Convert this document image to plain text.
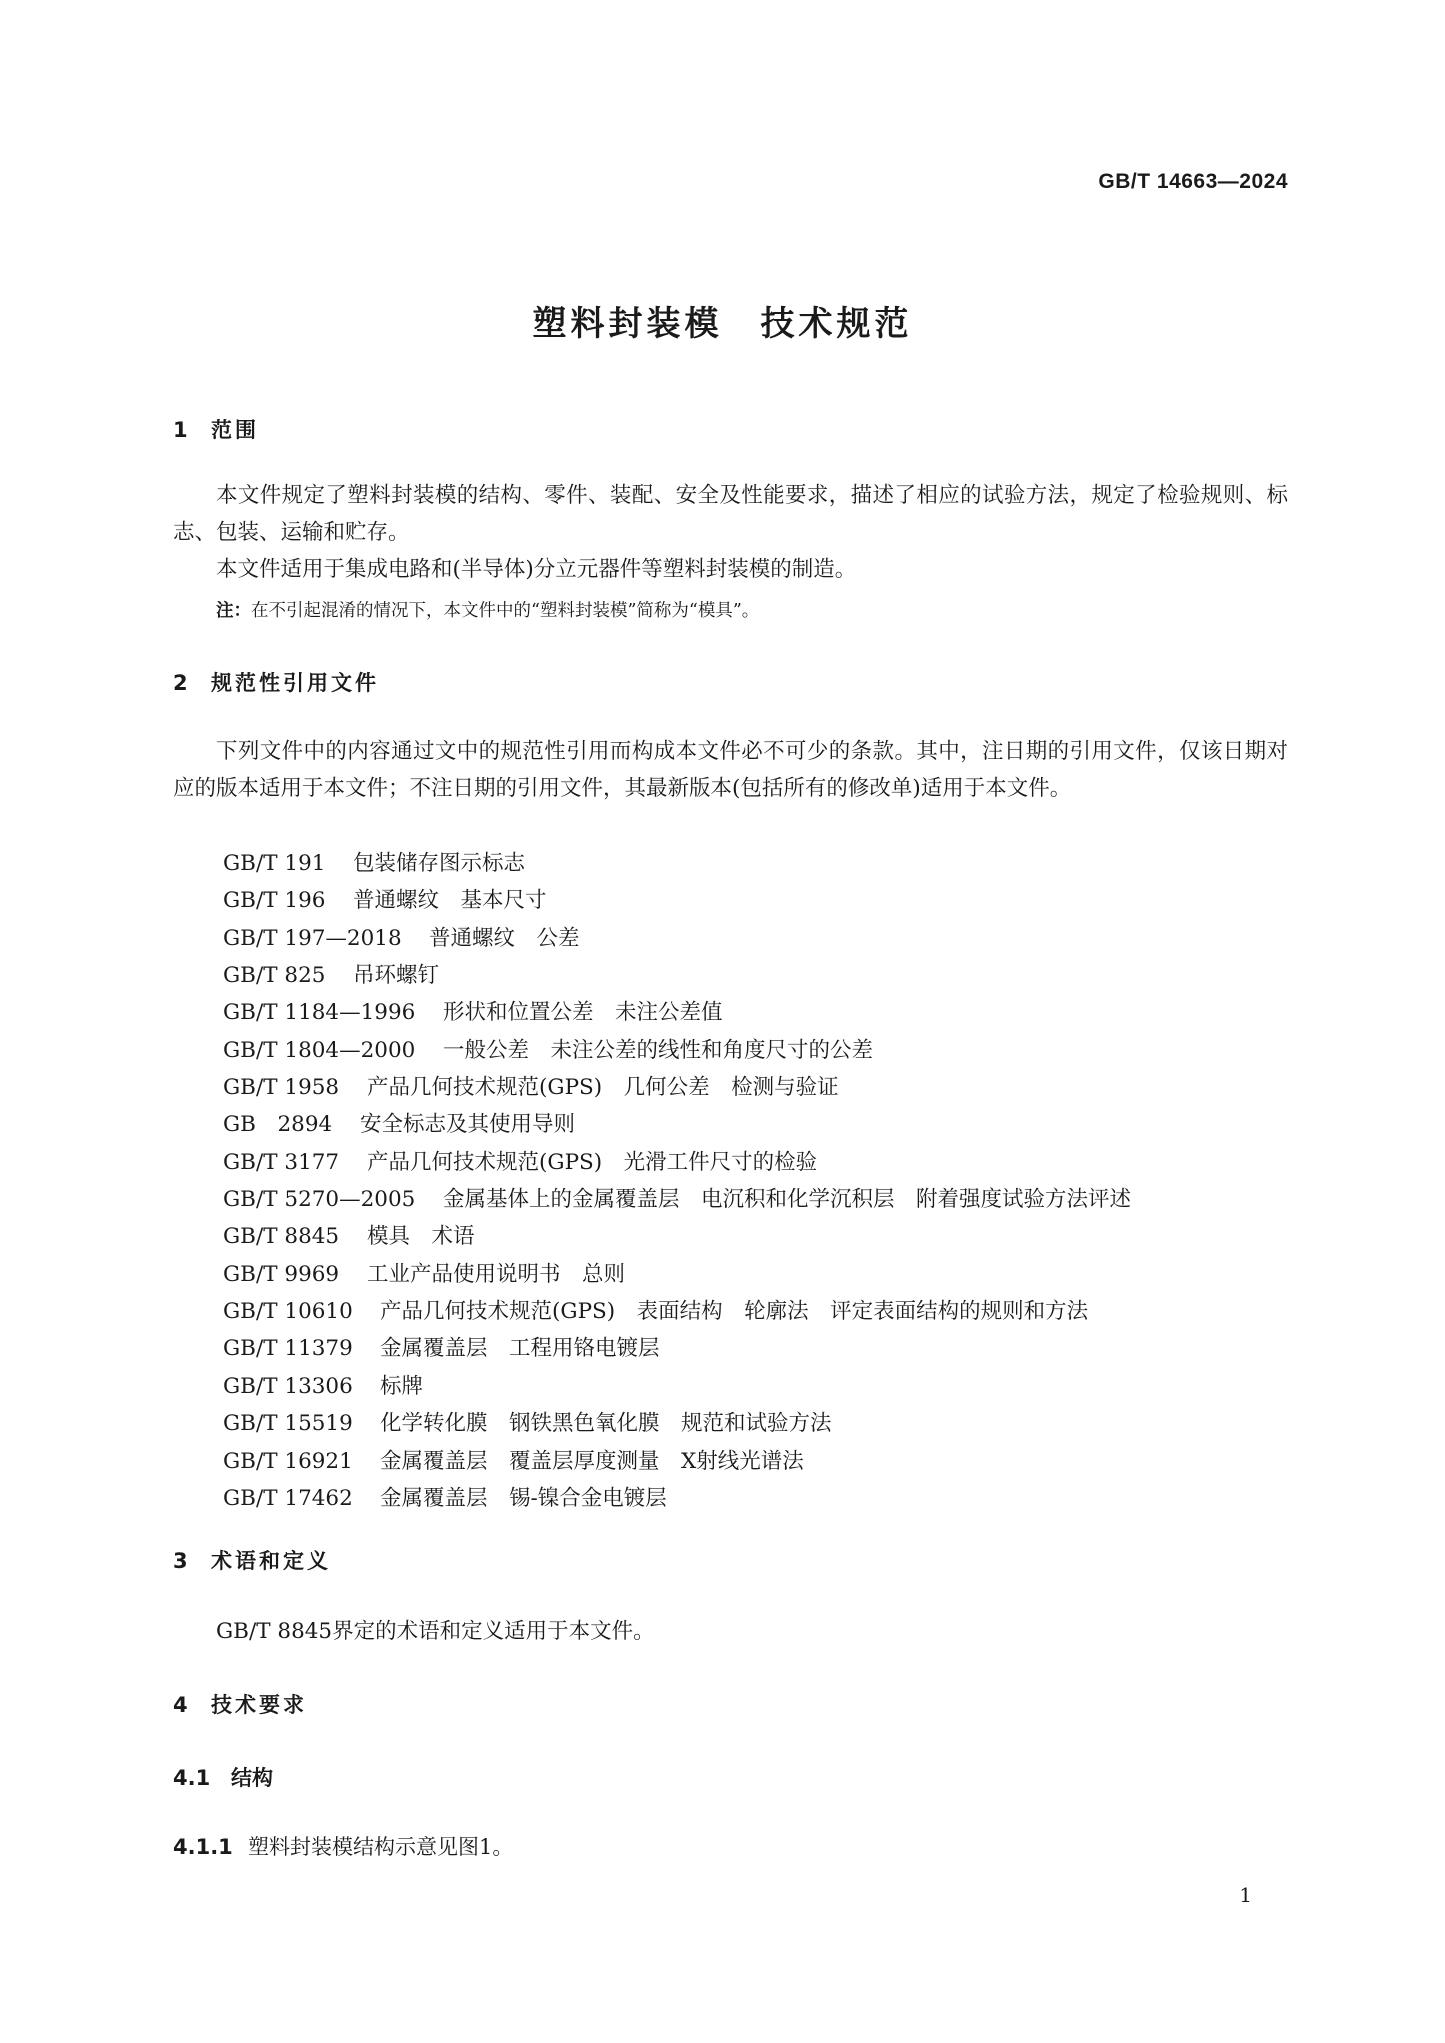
GB/T 14663—2024
塑料封装模　技术规范
1 范围

本文件规定了塑料封装模的结构、零件、装配、安全及性能要求，描述了相应的试验方法，规定了检验规则、标志、包装、运输和贮存。

本文件适用于集成电路和(半导体)分立元器件等塑料封装模的制造。

注：在不引起混淆的情况下，本文件中的“塑料封装模”简称为“模具”。
2 规范性引用文件

下列文件中的内容通过文中的规范性引用而构成本文件必不可少的条款。其中，注日期的引用文件，仅该日期对应的版本适用于本文件；不注日期的引用文件，其最新版本(包括所有的修改单)适用于本文件。

GB/T 191 包装储存图示标志
GB/T 196 普通螺纹　基本尺寸
GB/T 197—2018 普通螺纹　公差
GB/T 825 吊环螺钉
GB/T 1184—1996 形状和位置公差　未注公差值
GB/T 1804—2000 一般公差　未注公差的线性和角度尺寸的公差
GB/T 1958 产品几何技术规范(GPS)　几何公差　检测与验证
GB　2894 安全标志及其使用导则
GB/T 3177 产品几何技术规范(GPS)　光滑工件尺寸的检验
GB/T 5270—2005 金属基体上的金属覆盖层　电沉积和化学沉积层　附着强度试验方法评述
GB/T 8845 模具　术语
GB/T 9969 工业产品使用说明书　总则
GB/T 10610 产品几何技术规范(GPS)　表面结构　轮廓法　评定表面结构的规则和方法
GB/T 11379 金属覆盖层　工程用铬电镀层
GB/T 13306 标牌
GB/T 15519 化学转化膜　钢铁黑色氧化膜　规范和试验方法
GB/T 16921 金属覆盖层　覆盖层厚度测量　X射线光谱法
GB/T 17462 金属覆盖层　锡-镍合金电镀层
3 术语和定义

GB/T 8845界定的术语和定义适用于本文件。

4 技术要求
4.1 结构
4.1.1 塑料封装模结构示意见图1。
1
